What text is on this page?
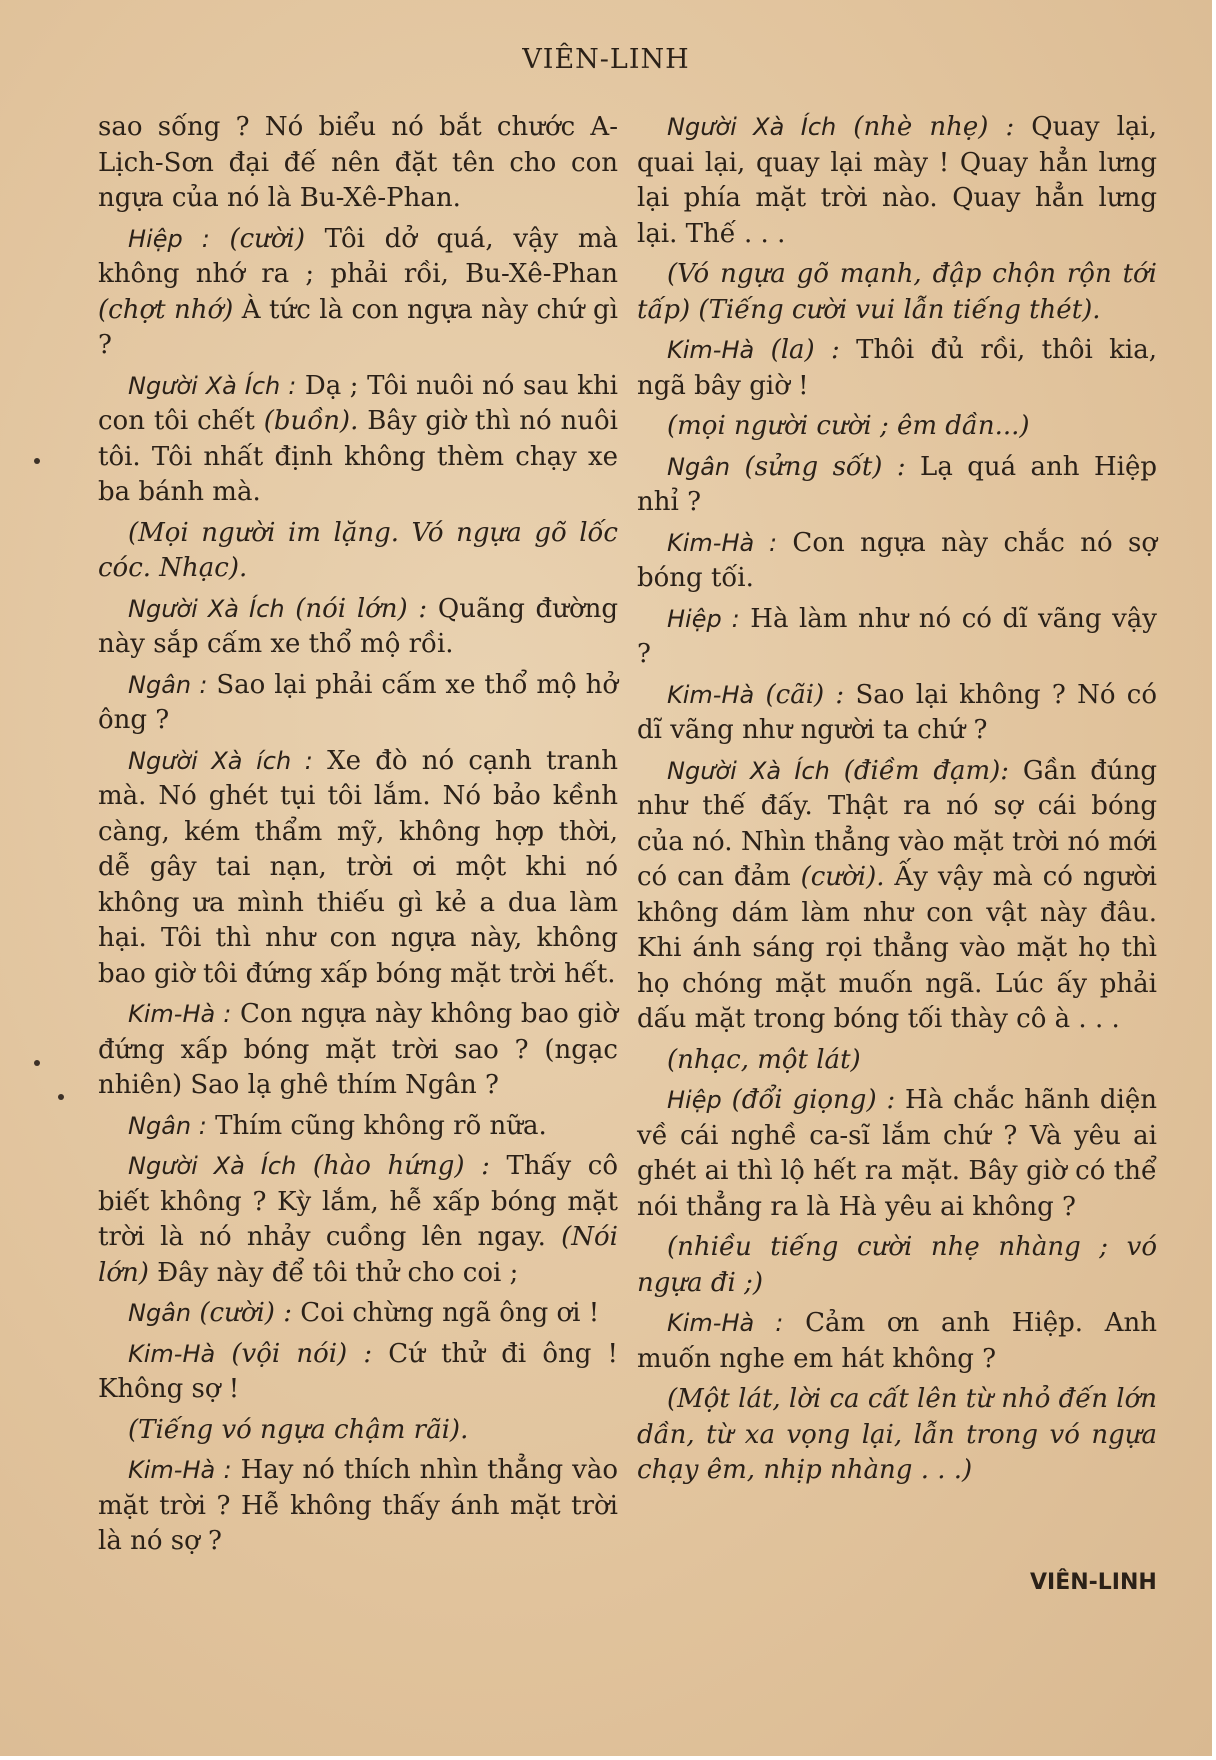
VIÊN-LINH

sao sống ? Nó biểu nó bắt chước A-Lịch-Sơn đại đế nên đặt tên cho con ngựa của nó là Bu-Xê-Phan.

Hiệp : (cười) Tôi dở quá, vậy mà không nhớ ra ; phải rồi, Bu-Xê-Phan (chợt nhớ) À tức là con ngựa này chứ gì ?

Người Xà Ích : Dạ ; Tôi nuôi nó sau khi con tôi chết (buồn). Bây giờ thì nó nuôi tôi. Tôi nhất định không thèm chạy xe ba bánh mà.

(Mọi người im lặng. Vó ngựa gõ lốc cóc. Nhạc).

Người Xà Ích (nói lớn) : Quãng đường này sắp cấm xe thổ mộ rồi.

Ngân : Sao lại phải cấm xe thổ mộ hở ông ?

Người Xà ích : Xe đò nó cạnh tranh mà. Nó ghét tụi tôi lắm. Nó bảo kềnh càng, kém thẩm mỹ, không hợp thời, dễ gây tai nạn, trời ơi một khi nó không ưa mình thiếu gì kẻ a dua làm hại. Tôi thì như con ngựa này, không bao giờ tôi đứng xấp bóng mặt trời hết.

Kim-Hà : Con ngựa này không bao giờ đứng xấp bóng mặt trời sao ? (ngạc nhiên) Sao lạ ghê thím Ngân ?

Ngân : Thím cũng không rõ nữa.

Người Xà Ích (hào hứng) : Thấy cô biết không ? Kỳ lắm, hễ xấp bóng mặt trời là nó nhảy cuồng lên ngay. (Nói lớn) Đây này để tôi thử cho coi ;

Ngân (cười) : Coi chừng ngã ông ơi !

Kim-Hà (vội nói) : Cứ thử đi ông ! Không sợ !

(Tiếng vó ngựa chậm rãi).

Kim-Hà : Hay nó thích nhìn thẳng vào mặt trời ? Hễ không thấy ánh mặt trời là nó sợ ?

Người Xà Ích (nhè nhẹ) : Quay lại, quai lại, quay lại mày ! Quay hẳn lưng lại phía mặt trời nào. Quay hẳn lưng lại. Thế . . .

(Vó ngựa gõ mạnh, đập chộn rộn tới tấp) (Tiếng cười vui lẫn tiếng thét).

Kim-Hà (la) : Thôi đủ rồi, thôi kia, ngã bây giờ !

(mọi người cười ; êm dần...)

Ngân (sửng sốt) : Lạ quá anh Hiệp nhỉ ?

Kim-Hà : Con ngựa này chắc nó sợ bóng tối.

Hiệp : Hà làm như nó có dĩ vãng vậy ?

Kim-Hà (cãi) : Sao lại không ? Nó có dĩ vãng như người ta chứ ?

Người Xà Ích (điềm đạm): Gần đúng như thế đấy. Thật ra nó sợ cái bóng của nó. Nhìn thẳng vào mặt trời nó mới có can đảm (cười). Ấy vậy mà có người không dám làm như con vật này đâu. Khi ánh sáng rọi thẳng vào mặt họ thì họ chóng mặt muốn ngã. Lúc ấy phải dấu mặt trong bóng tối thày cô à . . .

(nhạc, một lát)

Hiệp (đổi giọng) : Hà chắc hãnh diện về cái nghề ca-sĩ lắm chứ ? Và yêu ai ghét ai thì lộ hết ra mặt. Bây giờ có thể nói thẳng ra là Hà yêu ai không ?

(nhiều tiếng cười nhẹ nhàng ; vó ngựa đi ;)

Kim-Hà : Cảm ơn anh Hiệp. Anh muốn nghe em hát không ?

(Một lát, lời ca cất lên từ nhỏ đến lớn dần, từ xa vọng lại, lẫn trong vó ngựa chạy êm, nhịp nhàng . . .)

VIÊN-LINH
